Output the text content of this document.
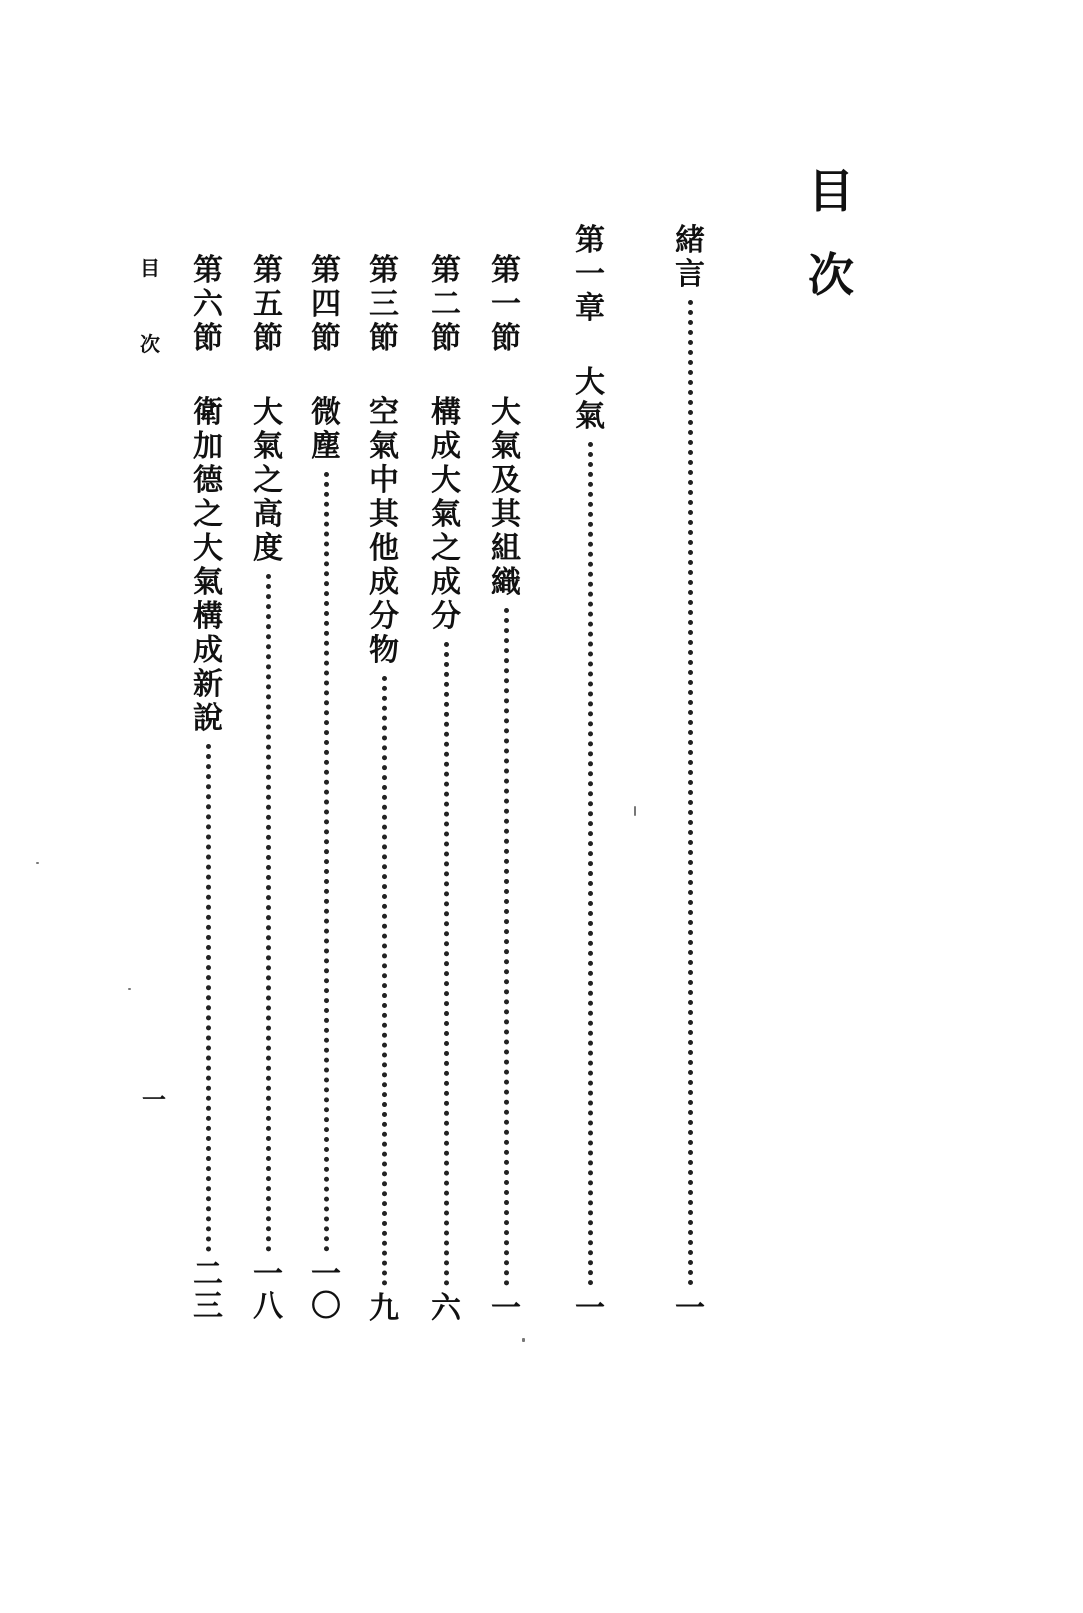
目
次
緒
言
一
第
一
章
大
氣
一
第
一
節
大
氣
及
其
組
織
一
第
二
節
構
成
大
氣
之
成
分
六
第
三
節
空
氣
中
其
他
成
分
物
九
第
四
節
微
塵
一
〇
第
五
節
大
氣
之
高
度
一
八
第
六
節
衛
加
德
之
大
氣
構
成
新
說
二
三
目
次
一
